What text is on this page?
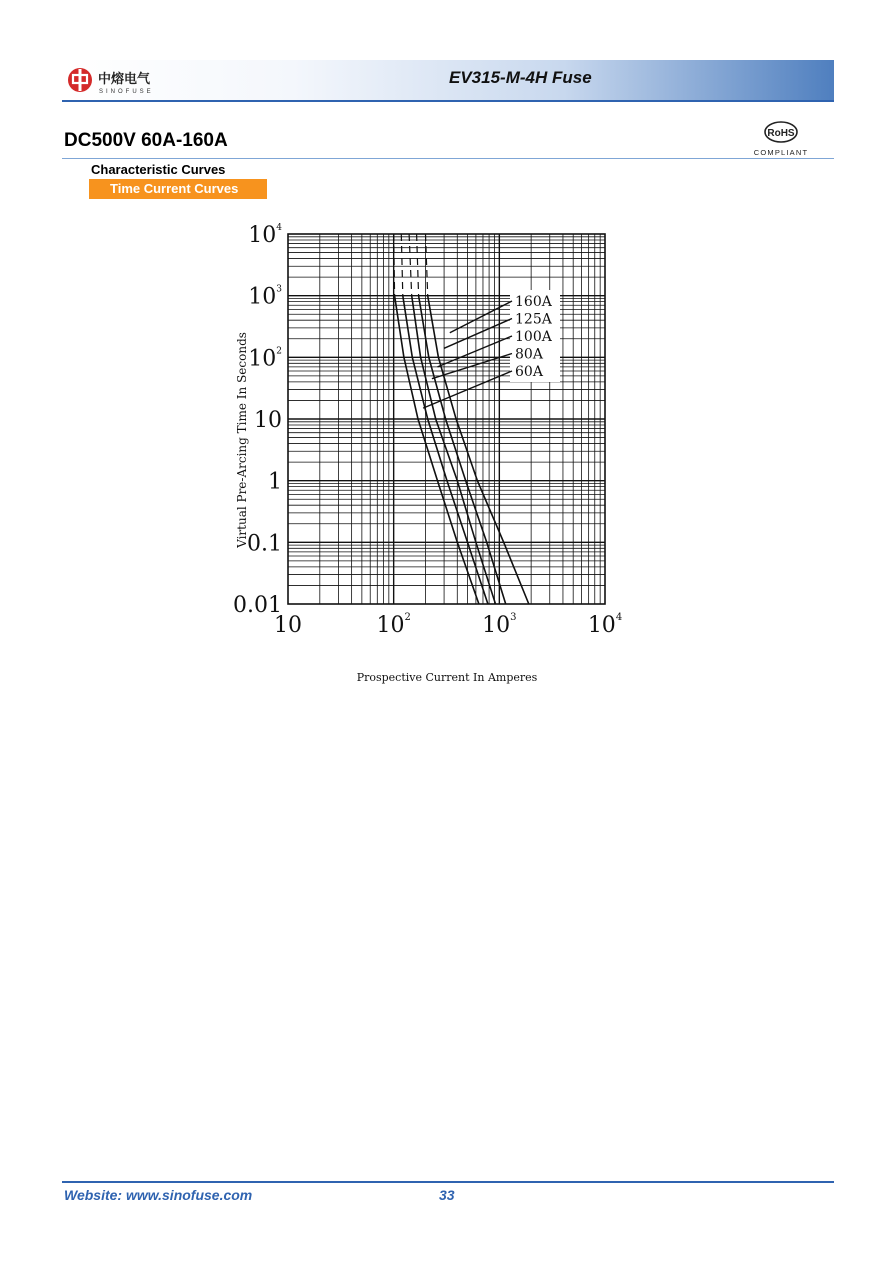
中熔电气
SINOFUSE
EV315-M-4H Fuse
DC500V 60A-160A	RoHS
COMPLIANT
Characteristic Curves
Time Current Curves
$10^4$
$10^3$
$10^2$
10
1
0.1
0.01
10	$10^2$	$10^3$	$10^4$
160A
125A
100A
80A
60A
Virtual Pre-Arcing Time In Seconds
Prospective Current In Amperes
Website: www.sinofuse.com	33
